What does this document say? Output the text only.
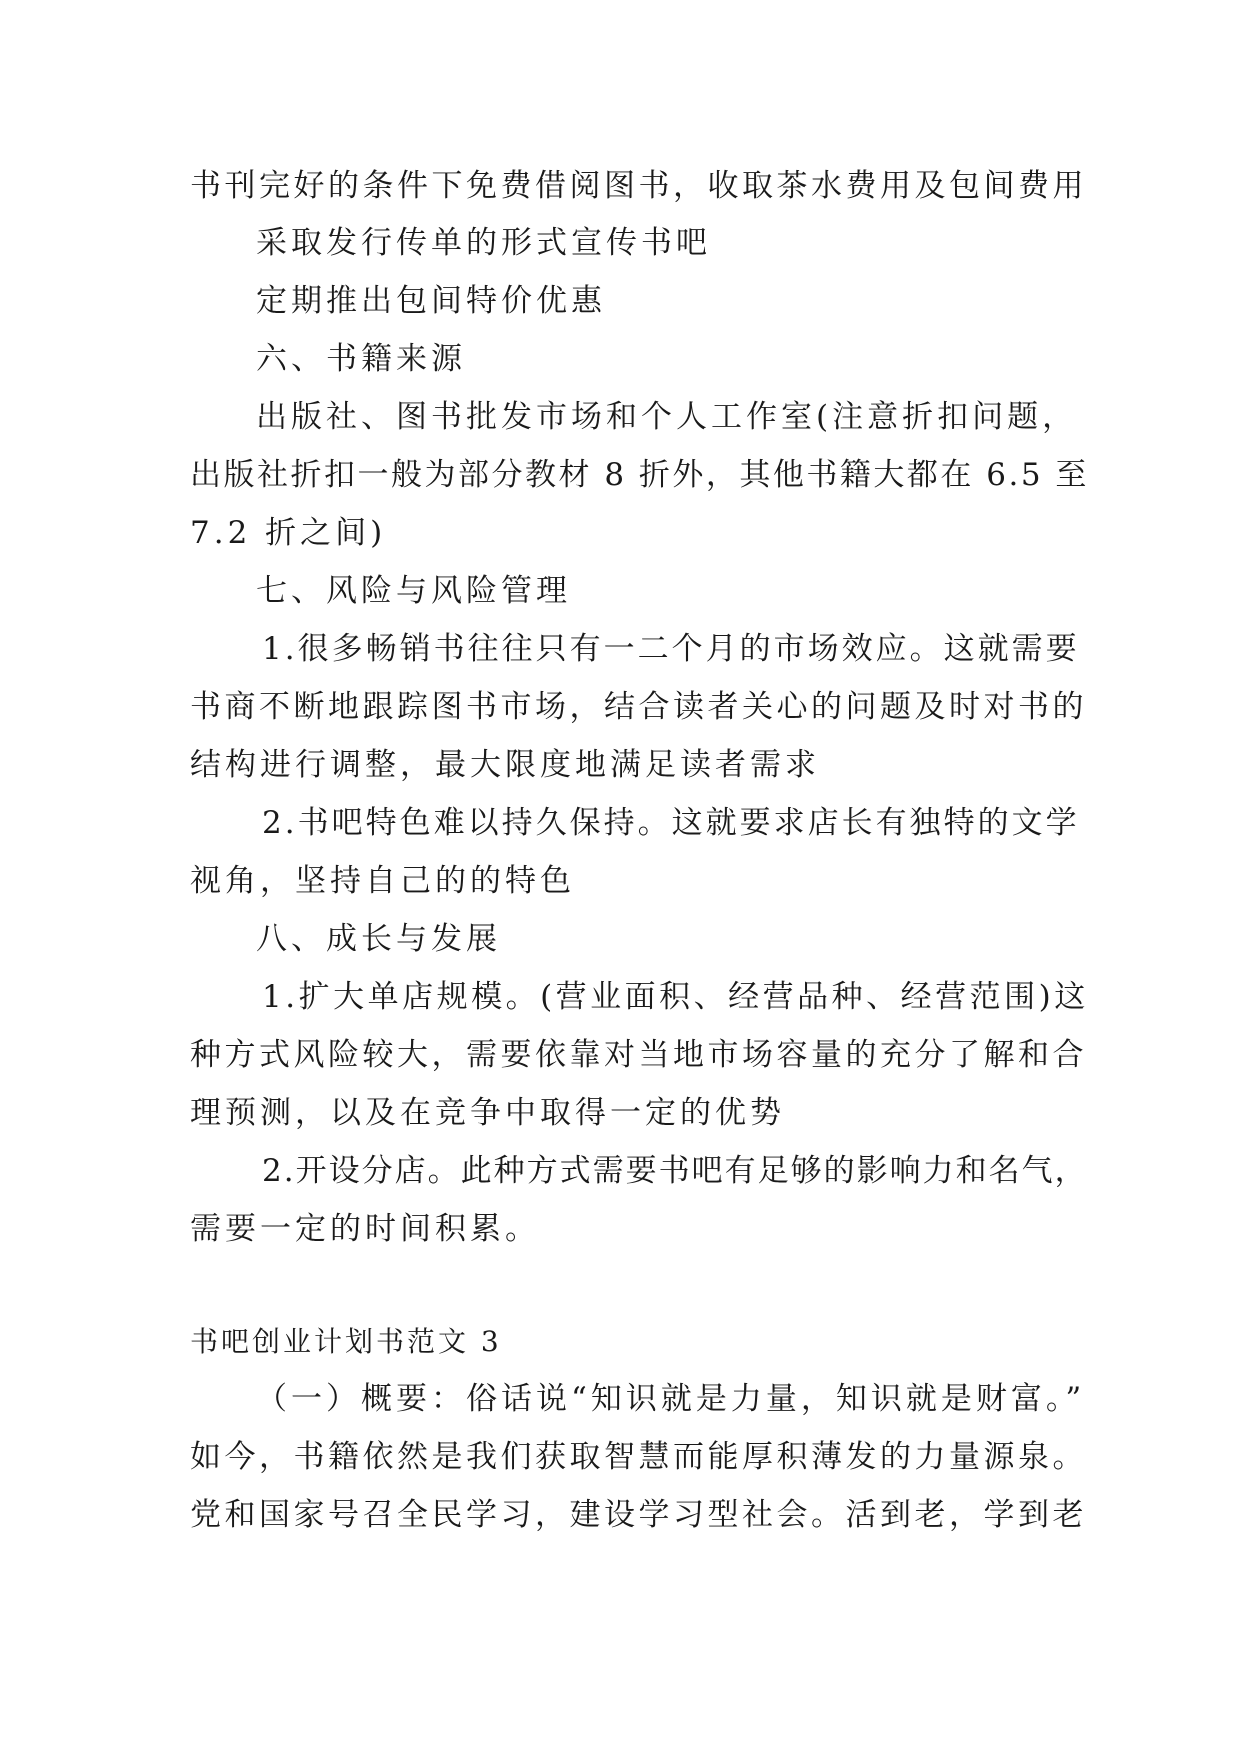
书刊完好的条件下免费借阅图书，收取茶水费用及包间费用
采取发行传单的形式宣传书吧
定期推出包间特价优惠
六、书籍来源
出版社、图书批发市场和个人工作室(注意折扣问题，
出版社折扣一般为部分教材 8 折外，其他书籍大都在 6.5 至
7.2 折之间)
七、风险与风险管理
1.很多畅销书往往只有一二个月的市场效应。这就需要
书商不断地跟踪图书市场，结合读者关心的问题及时对书的
结构进行调整，最大限度地满足读者需求
2.书吧特色难以持久保持。这就要求店长有独特的文学
视角，坚持自己的的特色
八、成长与发展
1.扩大单店规模。(营业面积、经营品种、经营范围)这
种方式风险较大，需要依靠对当地市场容量的充分了解和合
理预测，以及在竞争中取得一定的优势
2.开设分店。此种方式需要书吧有足够的影响力和名气，
需要一定的时间积累。
书吧创业计划书范文 3
（一）概要：俗话说“知识就是力量，知识就是财富。”
如今，书籍依然是我们获取智慧而能厚积薄发的力量源泉。
党和国家号召全民学习，建设学习型社会。活到老，学到老
